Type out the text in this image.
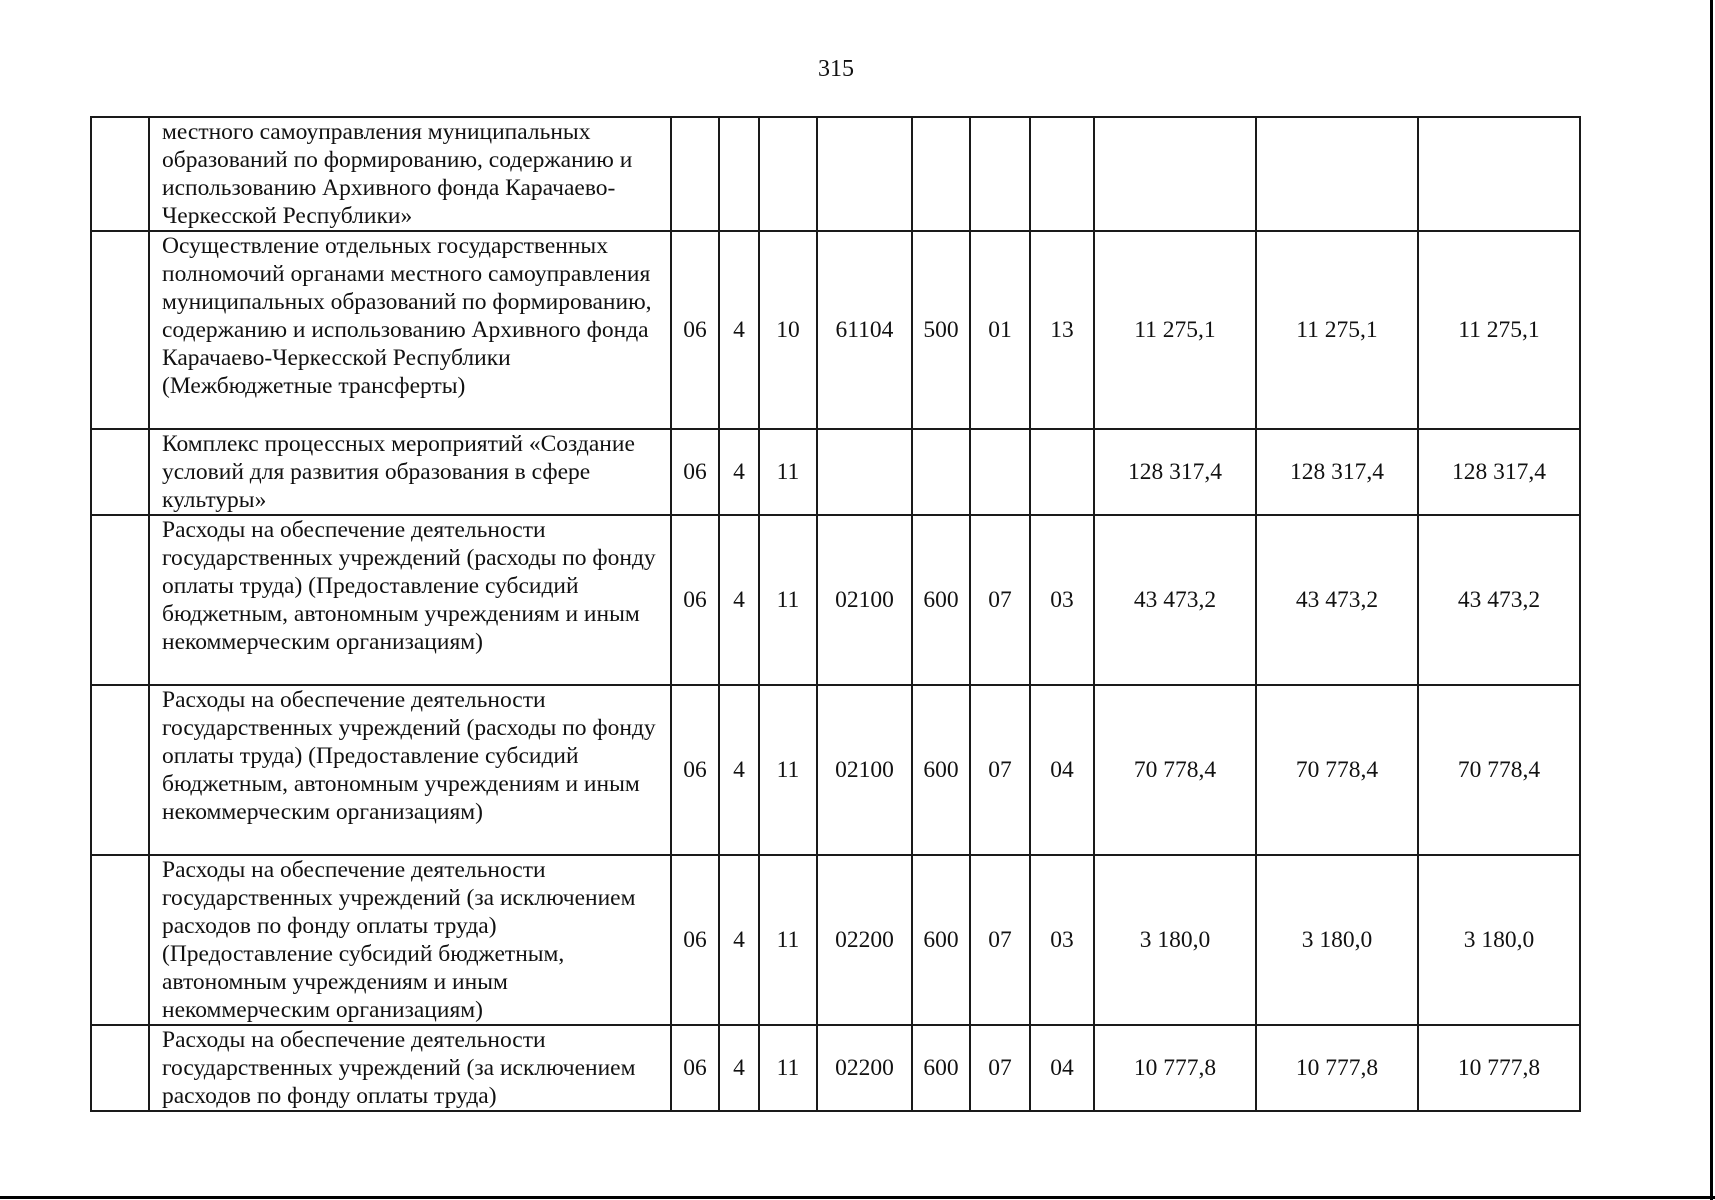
315
	местного самоуправления муниципальных образований по формированию, содержанию и использованию Архивного фонда Карачаево-Черкесской Республики»										
	Осуществление отдельных государственных полномочий органами местного самоуправления муниципальных образований по формированию, содержанию и использованию Архивного фонда Карачаево-Черкесской Республики (Межбюджетные трансферты)	06	4	10	61104	500	01	13	11 275,1	11 275,1	11 275,1
	Комплекс процессных мероприятий «Создание условий для развития образования в сфере культуры»	06	4	11					128 317,4	128 317,4	128 317,4
	Расходы на обеспечение деятельности государственных учреждений (расходы по фонду оплаты труда) (Предоставление субсидий бюджетным, автономным учреждениям и иным некоммерческим организациям)	06	4	11	02100	600	07	03	43 473,2	43 473,2	43 473,2
	Расходы на обеспечение деятельности государственных учреждений (расходы по фонду оплаты труда) (Предоставление субсидий бюджетным, автономным учреждениям и иным некоммерческим организациям)	06	4	11	02100	600	07	04	70 778,4	70 778,4	70 778,4
	Расходы на обеспечение деятельности государственных учреждений (за исключением расходов по фонду оплаты труда) (Предоставление субсидий бюджетным, автономным учреждениям и иным некоммерческим организациям)	06	4	11	02200	600	07	03	3 180,0	3 180,0	3 180,0
	Расходы на обеспечение деятельности государственных учреждений (за исключением расходов по фонду оплаты труда)	06	4	11	02200	600	07	04	10 777,8	10 777,8	10 777,8
